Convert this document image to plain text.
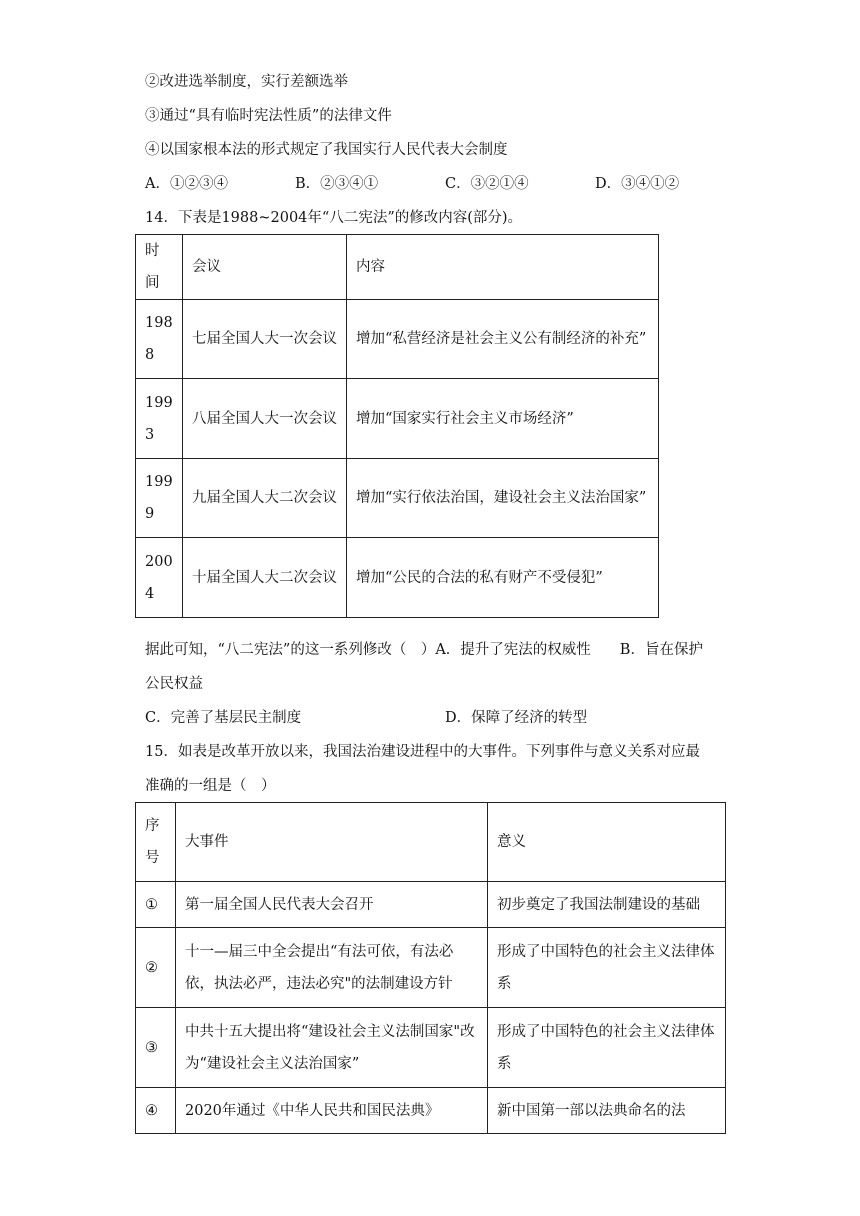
②改进选举制度，实行差额选举
③通过“具有临时宪法性质”的法律文件
④以国家根本法的形式规定了我国实行人民代表大会制度
A．①②③④	B．②③④①	C．③②①④	D．③④①②
14．下表是1988~2004年“八二宪法”的修改内容(部分)。
时间	会议	内容
1988	七届全国人大一次会议	增加“私营经济是社会主义公有制经济的补充”
1993	八届全国人大一次会议	增加“国家实行社会主义市场经济”
1999	九届全国人大二次会议	增加“实行依法治国，建设社会主义法治国家”
2004	十届全国人大二次会议	增加“公民的合法的私有财产不受侵犯”
据此可知，“八二宪法”的这一系列修改（　）A．提升了宪法的权威性　　B．旨在保护
公民权益
C．完善了基层民主制度	D．保障了经济的转型
15．如表是改革开放以来，我国法治建设进程中的大事件。下列事件与意义关系对应最
准确的一组是（　）
序号	大事件	意义
①	第一届全国人民代表大会召开	初步奠定了我国法制建设的基础
②	十一—届三中全会提出“有法可依，有法必依，执法必严，违法必究"的法制建设方针	形成了中国特色的社会主义法律体系
③	中共十五大提出将“建设社会主义法制国家"改为“建设社会主义法治国家”	形成了中国特色的社会主义法律体系
④	2020年通过《中华人民共和国民法典》	新中国第一部以法典命名的法
